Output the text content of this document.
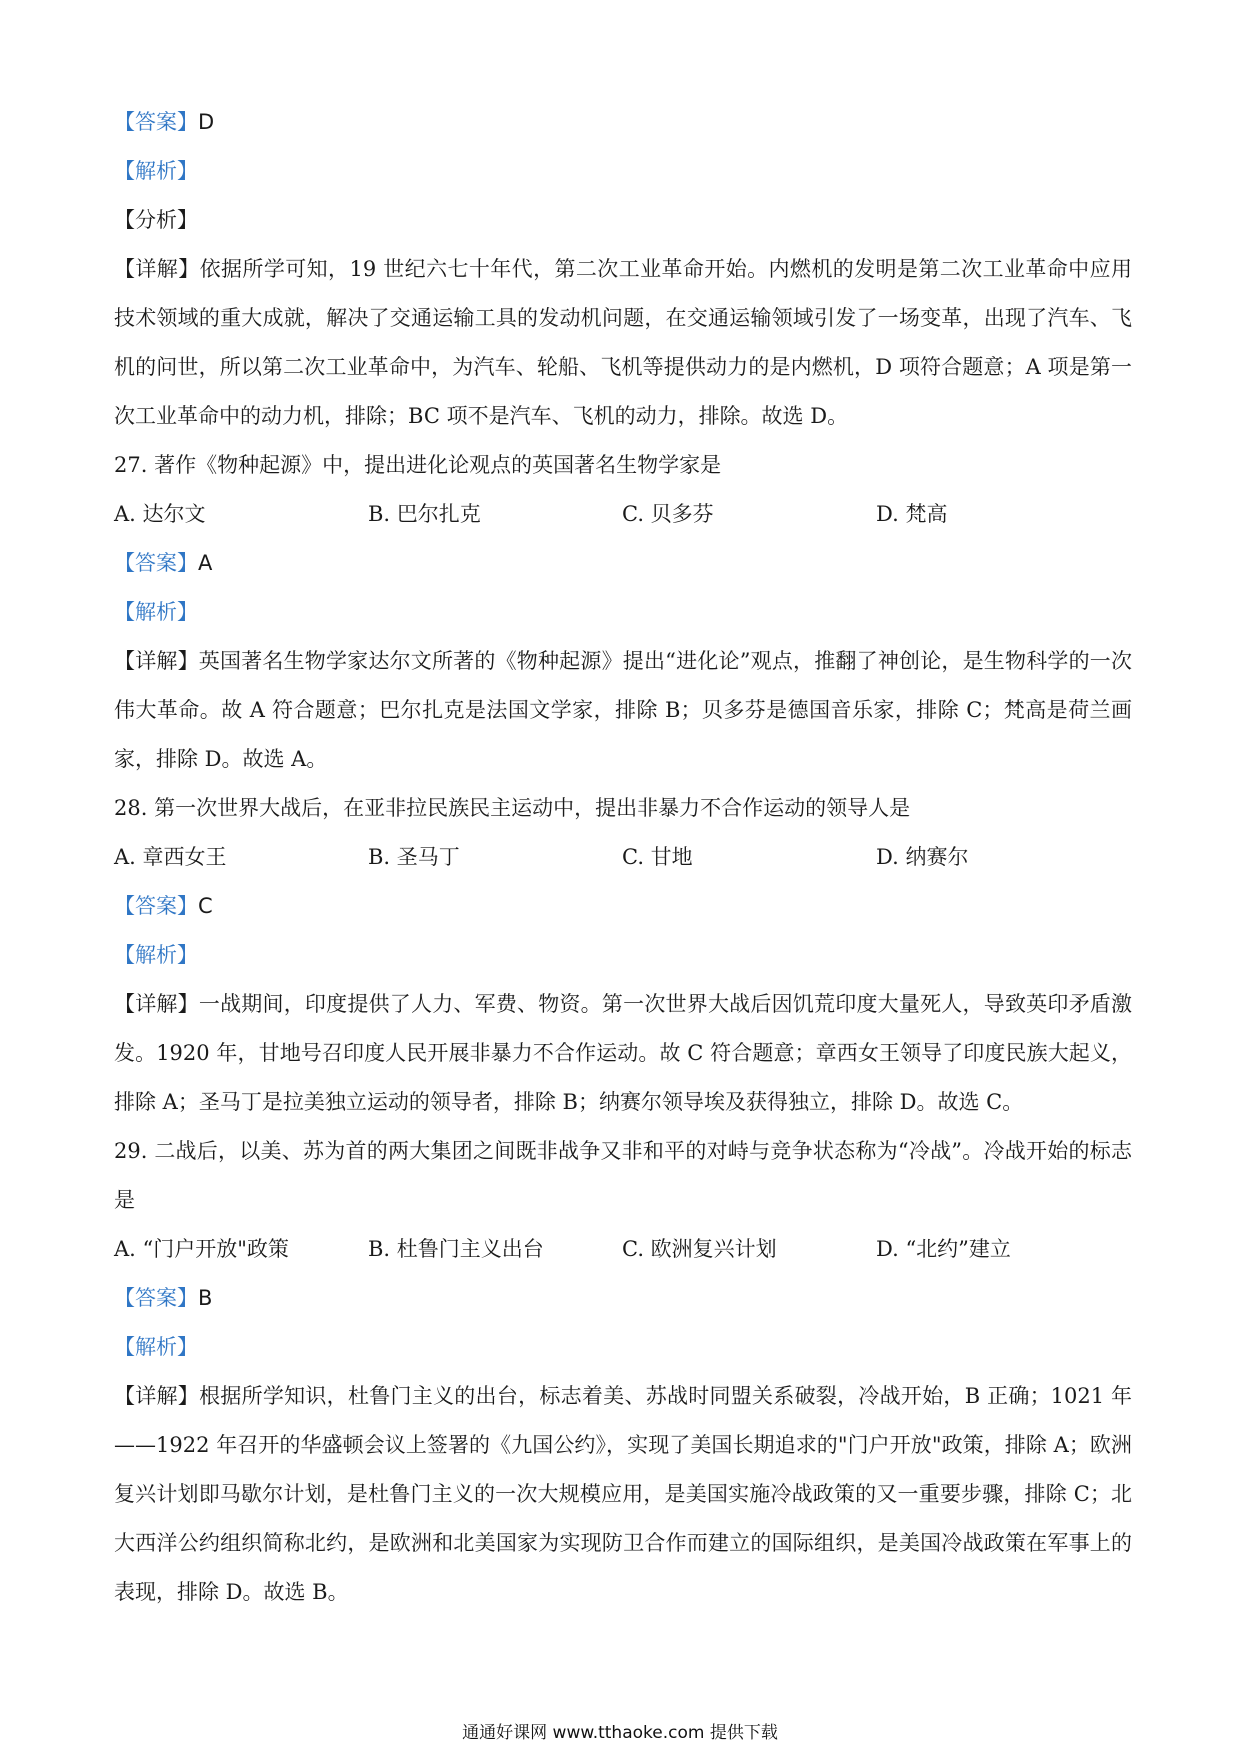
【答案】D
【解析】
【分析】
【详解】依据所学可知，19 世纪六七十年代，第二次工业革命开始。内燃机的发明是第二次工业革命中应用技术领域的重大成就，解决了交通运输工具的发动机问题，在交通运输领域引发了一场变革，出现了汽车、飞机的问世，所以第二次工业革命中，为汽车、轮船、飞机等提供动力的是内燃机，D 项符合题意；A 项是第一次工业革命中的动力机，排除；BC 项不是汽车、飞机的动力，排除。故选 D。
27. 著作《物种起源》中，提出进化论观点的英国著名生物学家是
A. 达尔文	B. 巴尔扎克	C. 贝多芬	D. 梵高
【答案】A
【解析】
【详解】英国著名生物学家达尔文所著的《物种起源》提出“进化论”观点，推翻了神创论，是生物科学的一次伟大革命。故 A 符合题意；巴尔扎克是法国文学家，排除 B；贝多芬是德国音乐家，排除 C；梵高是荷兰画家，排除 D。故选 A。
28. 第一次世界大战后，在亚非拉民族民主运动中，提出非暴力不合作运动的领导人是
A. 章西女王	B. 圣马丁	C. 甘地	D. 纳赛尔
【答案】C
【解析】
【详解】一战期间，印度提供了人力、军费、物资。第一次世界大战后因饥荒印度大量死人，导致英印矛盾激发。1920 年，甘地号召印度人民开展非暴力不合作运动。故 C 符合题意；章西女王领导了印度民族大起义，排除 A；圣马丁是拉美独立运动的领导者，排除 B；纳赛尔领导埃及获得独立，排除 D。故选 C。
29. 二战后，以美、苏为首的两大集团之间既非战争又非和平的对峙与竞争状态称为“冷战”。冷战开始的标志是
A. “门户开放"政策	B. 杜鲁门主义出台	C. 欧洲复兴计划	D. “北约”建立
【答案】B
【解析】
【详解】根据所学知识，杜鲁门主义的出台，标志着美、苏战时同盟关系破裂，冷战开始，B 正确；1021 年——1922 年召开的华盛顿会议上签署的《九国公约》，实现了美国长期追求的"门户开放"政策，排除 A；欧洲复兴计划即马歇尔计划，是杜鲁门主义的一次大规模应用，是美国实施冷战政策的又一重要步骤，排除 C；北大西洋公约组织简称北约，是欧洲和北美国家为实现防卫合作而建立的国际组织，是美国冷战政策在军事上的表现，排除 D。故选 B。
通通好课网 www.tthaoke.com 提供下载
